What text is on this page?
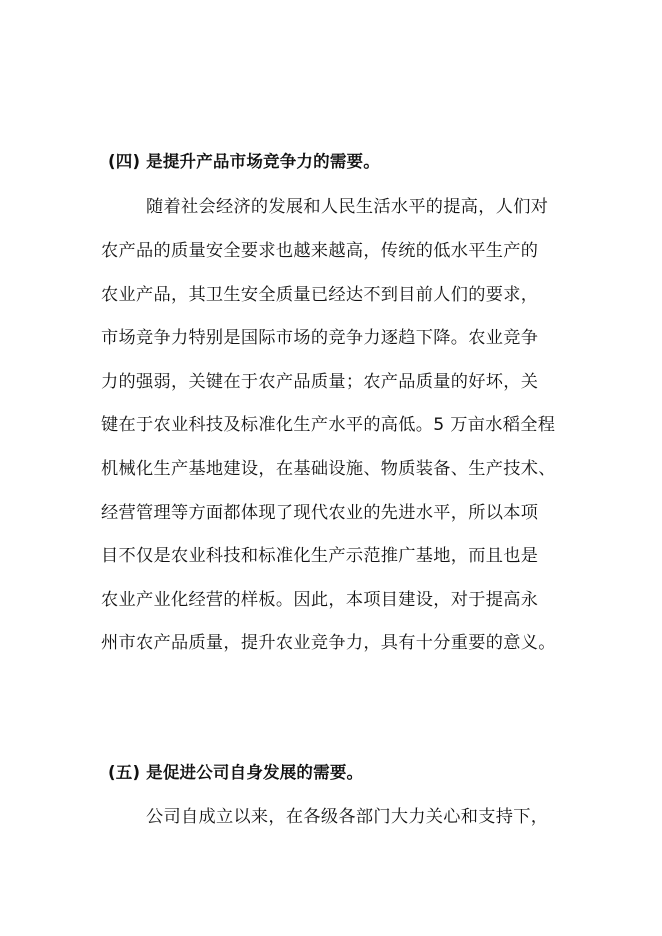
(四) 是提升产品市场竞争力的需要。
随着社会经济的发展和人民生活水平的提高，人们对
农产品的质量安全要求也越来越高，传统的低水平生产的
农业产品，其卫生安全质量已经达不到目前人们的要求，
市场竞争力特别是国际市场的竞争力逐趋下降。农业竞争
力的强弱，关键在于农产品质量；农产品质量的好坏，关
键在于农业科技及标准化生产水平的高低。5 万亩水稻全程
机械化生产基地建设，在基础设施、物质装备、生产技术、
经营管理等方面都体现了现代农业的先进水平，所以本项
目不仅是农业科技和标准化生产示范推广基地，而且也是
农业产业化经营的样板。因此，本项目建设，对于提高永
州市农产品质量，提升农业竞争力，具有十分重要的意义。
(五) 是促进公司自身发展的需要。
公司自成立以来，在各级各部门大力关心和支持下，
